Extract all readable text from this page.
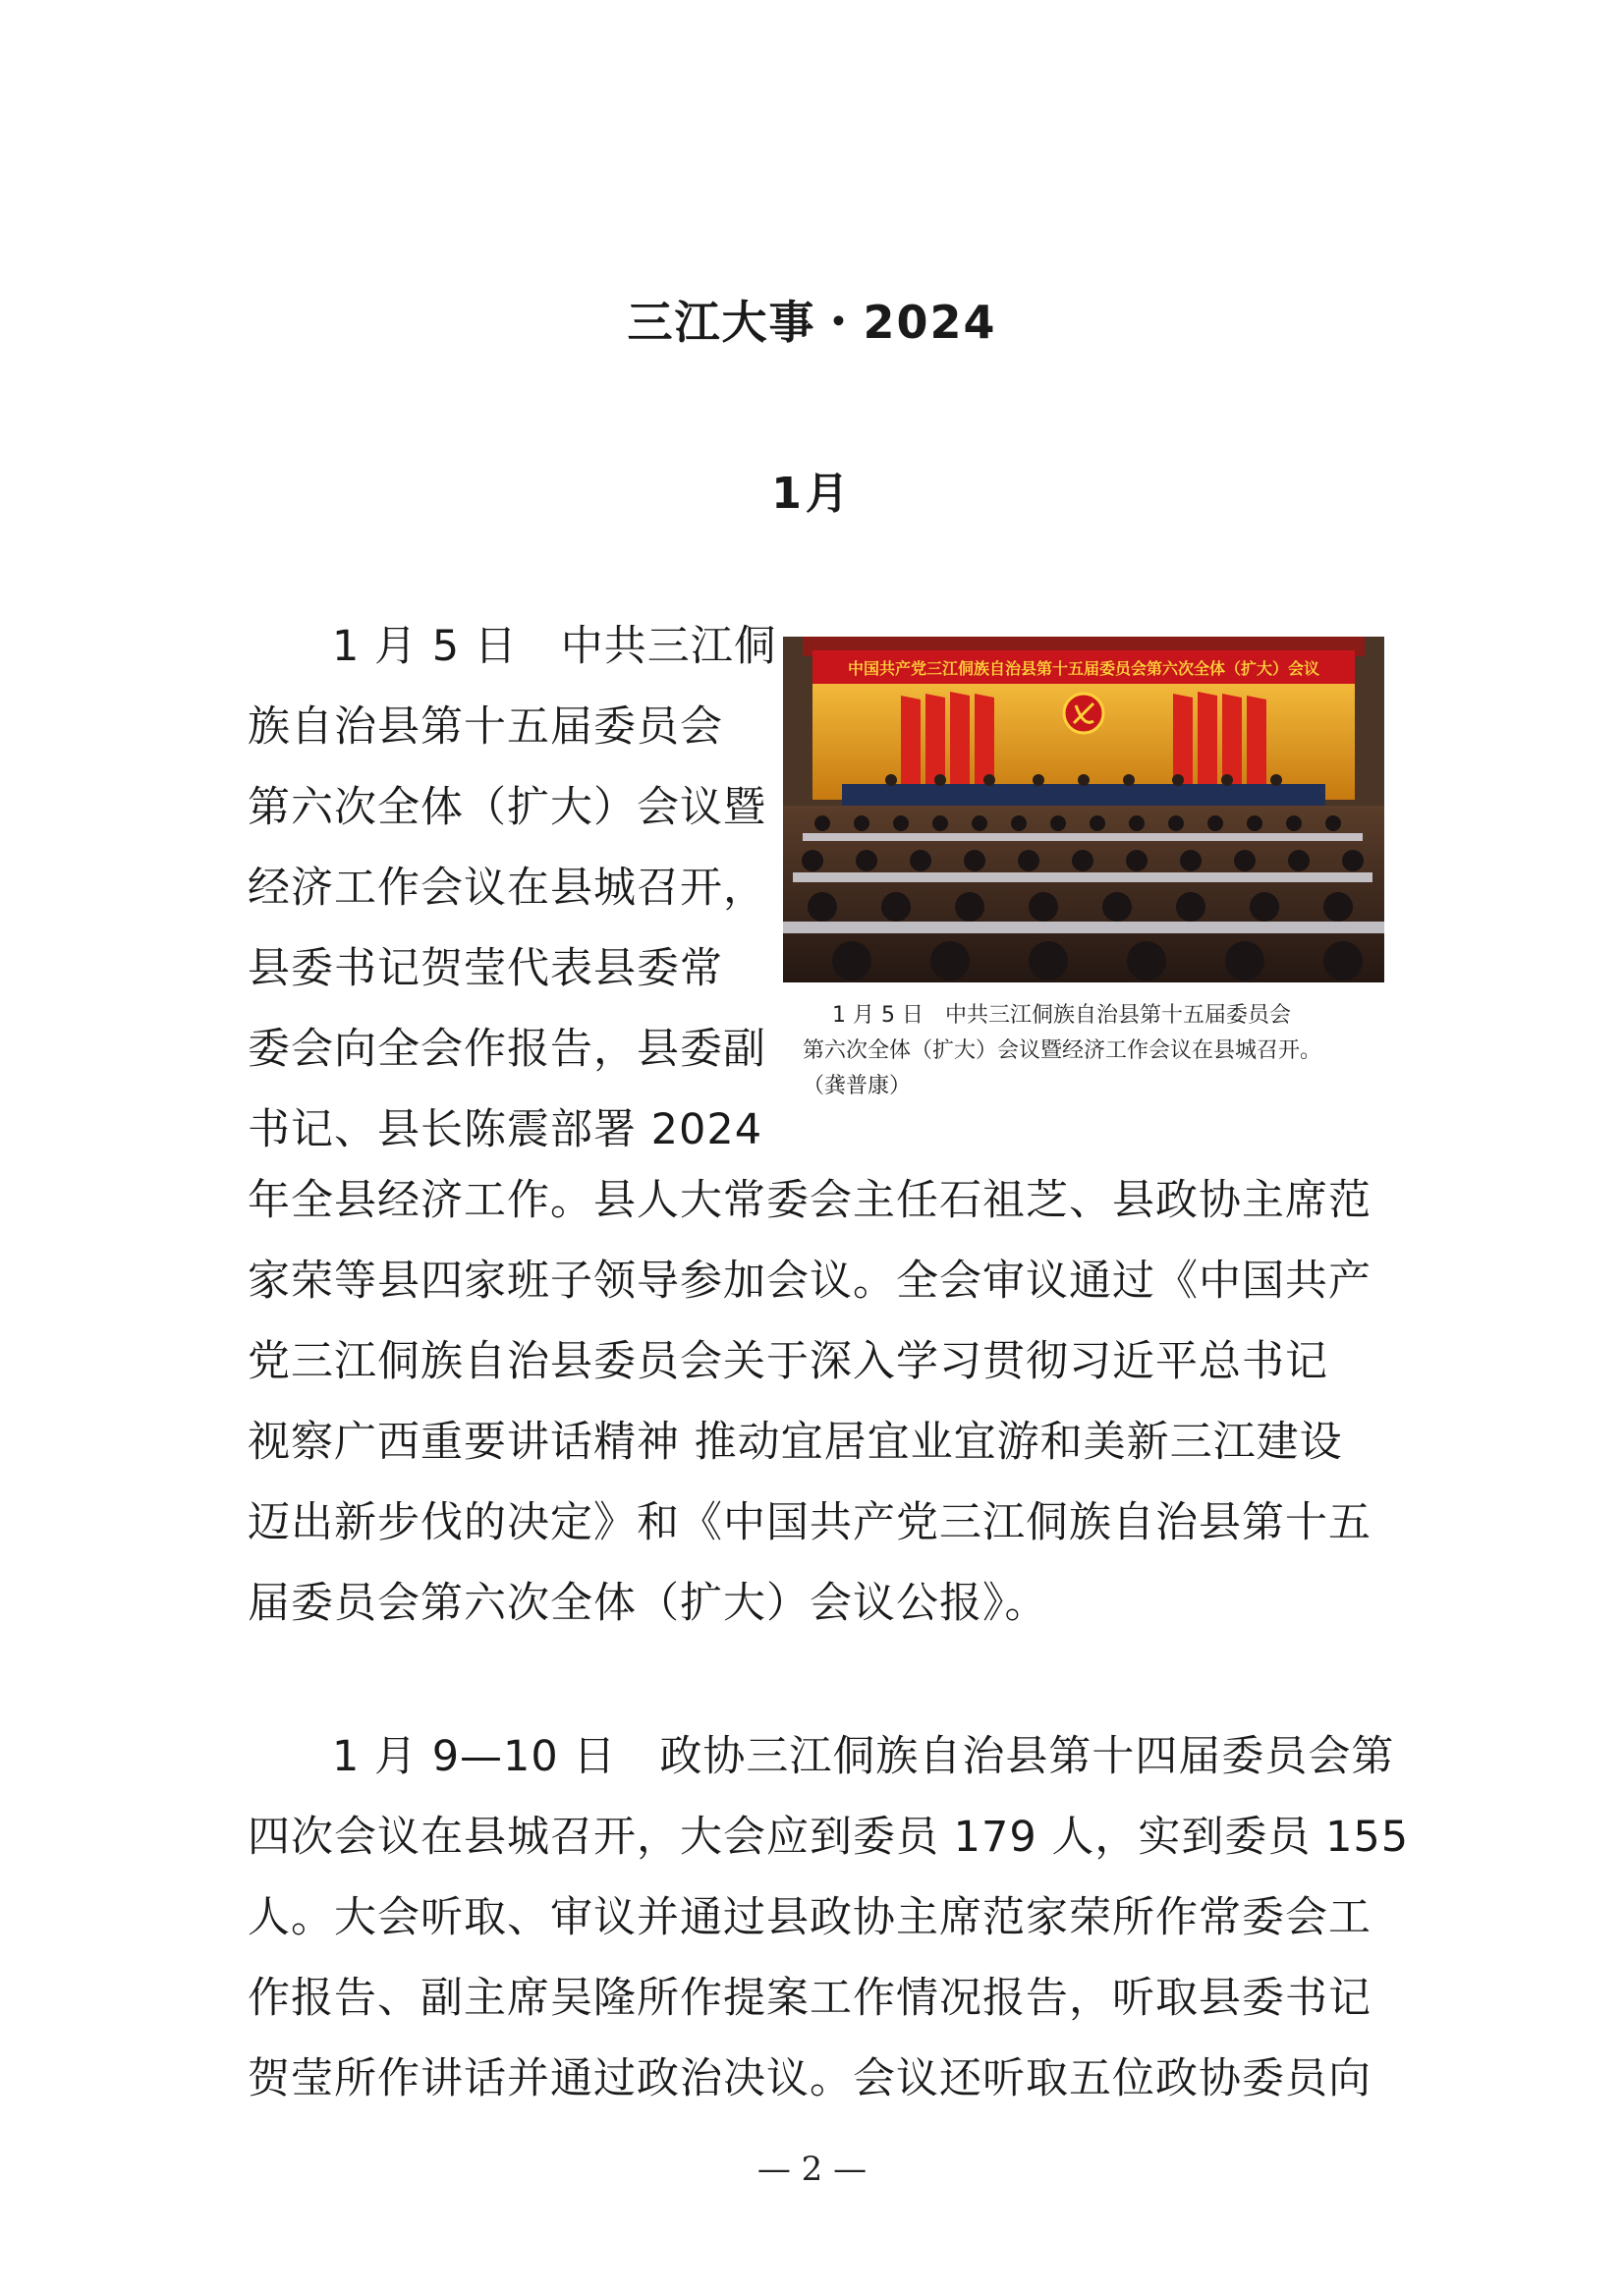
三江大事・2024
1月

1 月 5 日　中共三江侗

族自治县第十五届委员会

第六次全体（扩大）会议暨

经济工作会议在县城召开，

县委书记贺莹代表县委常

委会向全会作报告，县委副

书记、县长陈震部署 2024

中国共产党三江侗族自治县第十五届委员会第六次全体（扩大）会议

1 月 5 日　中共三江侗族自治县第十五届委员会

第六次全体（扩大）会议暨经济工作会议在县城召开。

（龚普康）

年全县经济工作。县人大常委会主任石祖芝、县政协主席范

家荣等县四家班子领导参加会议。全会审议通过《中国共产

党三江侗族自治县委员会关于深入学习贯彻习近平总书记

视察广西重要讲话精神 推动宜居宜业宜游和美新三江建设

迈出新步伐的决定》和《中国共产党三江侗族自治县第十五

届委员会第六次全体（扩大）会议公报》。

1 月 9—10 日　政协三江侗族自治县第十四届委员会第

四次会议在县城召开，大会应到委员 179 人，实到委员 155

人。大会听取、审议并通过县政协主席范家荣所作常委会工

作报告、副主席吴隆所作提案工作情况报告，听取县委书记

贺莹所作讲话并通过政治决议。会议还听取五位政协委员向

— 2 —
